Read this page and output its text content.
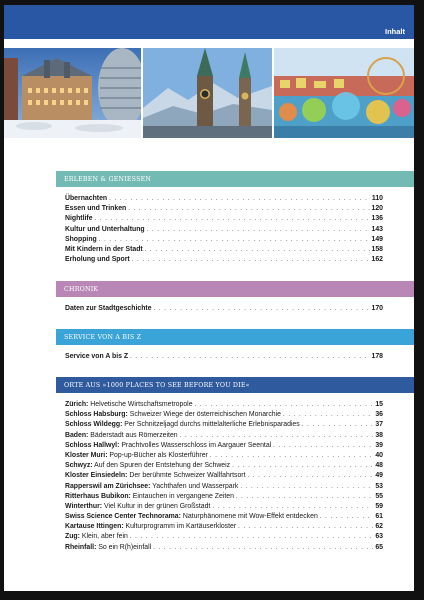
Inhalt
ERLEBEN & GENIESSEN
Übernachten . . .	110
Essen und Trinken . . .	120
Nightlife . . .	136
Kultur und Unterhaltung . . .	143
Shopping . . .	149
Mit Kindern in der Stadt . . .	158
Erholung und Sport . . .	162
CHRONIK
Daten zur Stadtgeschichte . . .	170
SERVICE VON A BIS Z
Service von A bis Z . . .	178
ORTE AUS »1000 PLACES TO SEE BEFORE YOU DIE«
Zürich: Helvetische Wirtschaftsmetropole . . .	15
Schloss Habsburg: Schweizer Wiege der österreichischen Monarchie . . .	36
Schloss Wildegg: Per Schnitzeljagd durchs mittelalterliche Erlebnisparadies . . .	37
Baden: Bäderstadt aus Römerzeiten . . .	38
Schloss Hallwyl: Prachtvolles Wasserschloss im Aargauer Seental . . .	39
Kloster Muri: Pop-up-Bücher als Klosterführer . . .	40
Schwyz: Auf den Spuren der Entstehung der Schweiz . . .	48
Kloster Einsiedeln: Der berühmte Schweizer Wallfahrtsort . . .	49
Rapperswil am Zürichsee: Yachthafen und Wasserpark . . .	53
Ritterhaus Bubikon: Eintauchen in vergangene Zeiten . . .	55
Winterthur: Viel Kultur in der grünen Großstadt . . .	59
Swiss Science Center Technorama: Naturphänomene mit Wow-Effekt entdecken . . .	61
Kartause Ittingen: Kulturprogramm im Kartäuserkloster . . .	62
Zug: Klein, aber fein . . .	63
Rheinfall: So ein R(h)einfall . . .	65
